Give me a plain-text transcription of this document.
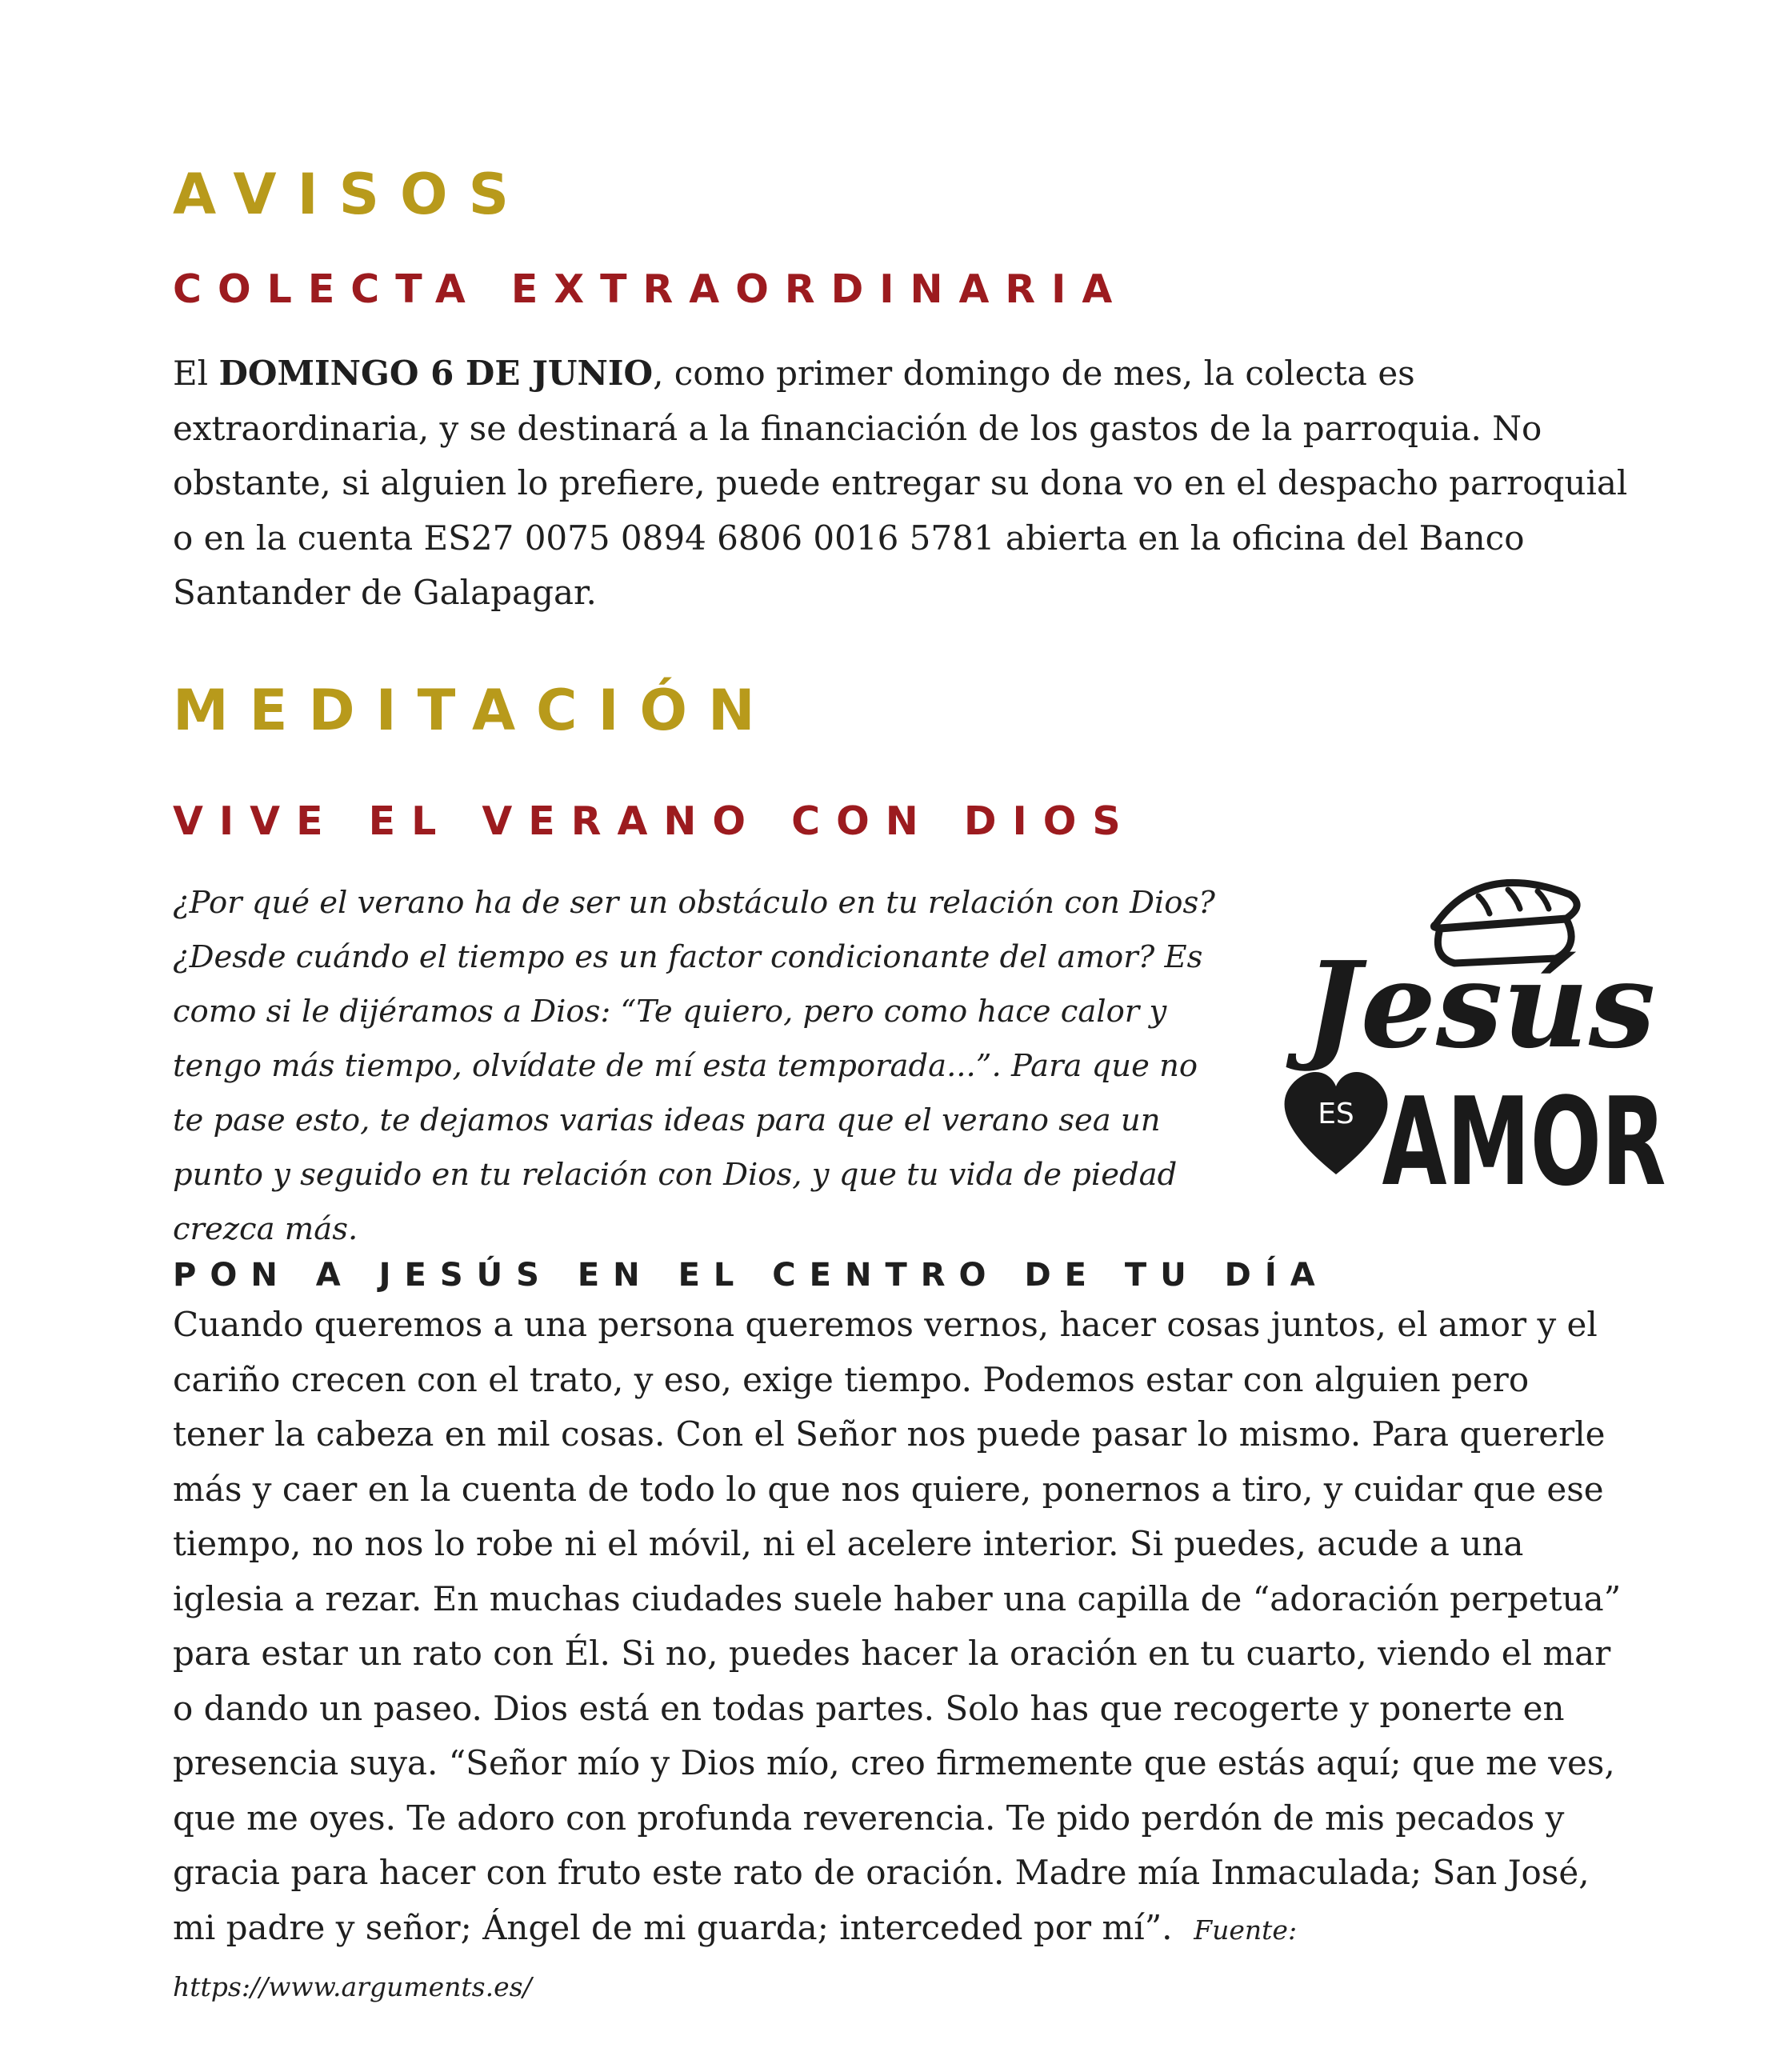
AVISOS
COLECTA EXTRAORDINARIA

El DOMINGO 6 DE JUNIO, como primer domingo de mes, la colecta es extraordinaria, y se destinará a la financiación de los gastos de la parroquia. No obstante, si alguien lo prefiere, puede entregar su dona vo en el despacho parroquial o en la cuenta ES27 0075 0894 6806 0016 5781 abierta en la oficina del Banco Santander de Galapagar.

MEDITACIÓN
VIVE EL VERANO CON DIOS

¿Por qué el verano ha de ser un obstáculo en tu relación con Dios? ¿Desde cuándo el tiempo es un factor condicionante del amor? Es como si le dijéramos a Dios: “Te quiero, pero como hace calor y tengo más tiempo, olvídate de mí esta temporada...”. Para que no te pase esto, te dejamos varias ideas para que el verano sea un punto y seguido en tu relación con Dios, y que tu vida de piedad crezca más.

Jesús
ES AMOR
PON A JESÚS EN EL CENTRO DE TU DÍA

Cuando queremos a una persona queremos vernos, hacer cosas juntos, el amor y el cariño crecen con el trato, y eso, exige tiempo. Podemos estar con alguien pero tener la cabeza en mil cosas. Con el Señor nos puede pasar lo mismo. Para quererle más y caer en la cuenta de todo lo que nos quiere, ponernos a tiro, y cuidar que ese tiempo, no nos lo robe ni el móvil, ni el acelere interior. Si puedes, acude a una iglesia a rezar. En muchas ciudades suele haber una capilla de “adoración perpetua” para estar un rato con Él. Si no, puedes hacer la oración en tu cuarto, viendo el mar o dando un paseo. Dios está en todas partes. Solo has que recogerte y ponerte en presencia suya. “Señor mío y Dios mío, creo firmemente que estás aquí; que me ves, que me oyes. Te adoro con profunda reverencia. Te pido perdón de mis pecados y gracia para hacer con fruto este rato de oración. Madre mía Inmaculada; San José, mi padre y señor; Ángel de mi guarda; interceded por mí”. Fuente: https://www.arguments.es/
